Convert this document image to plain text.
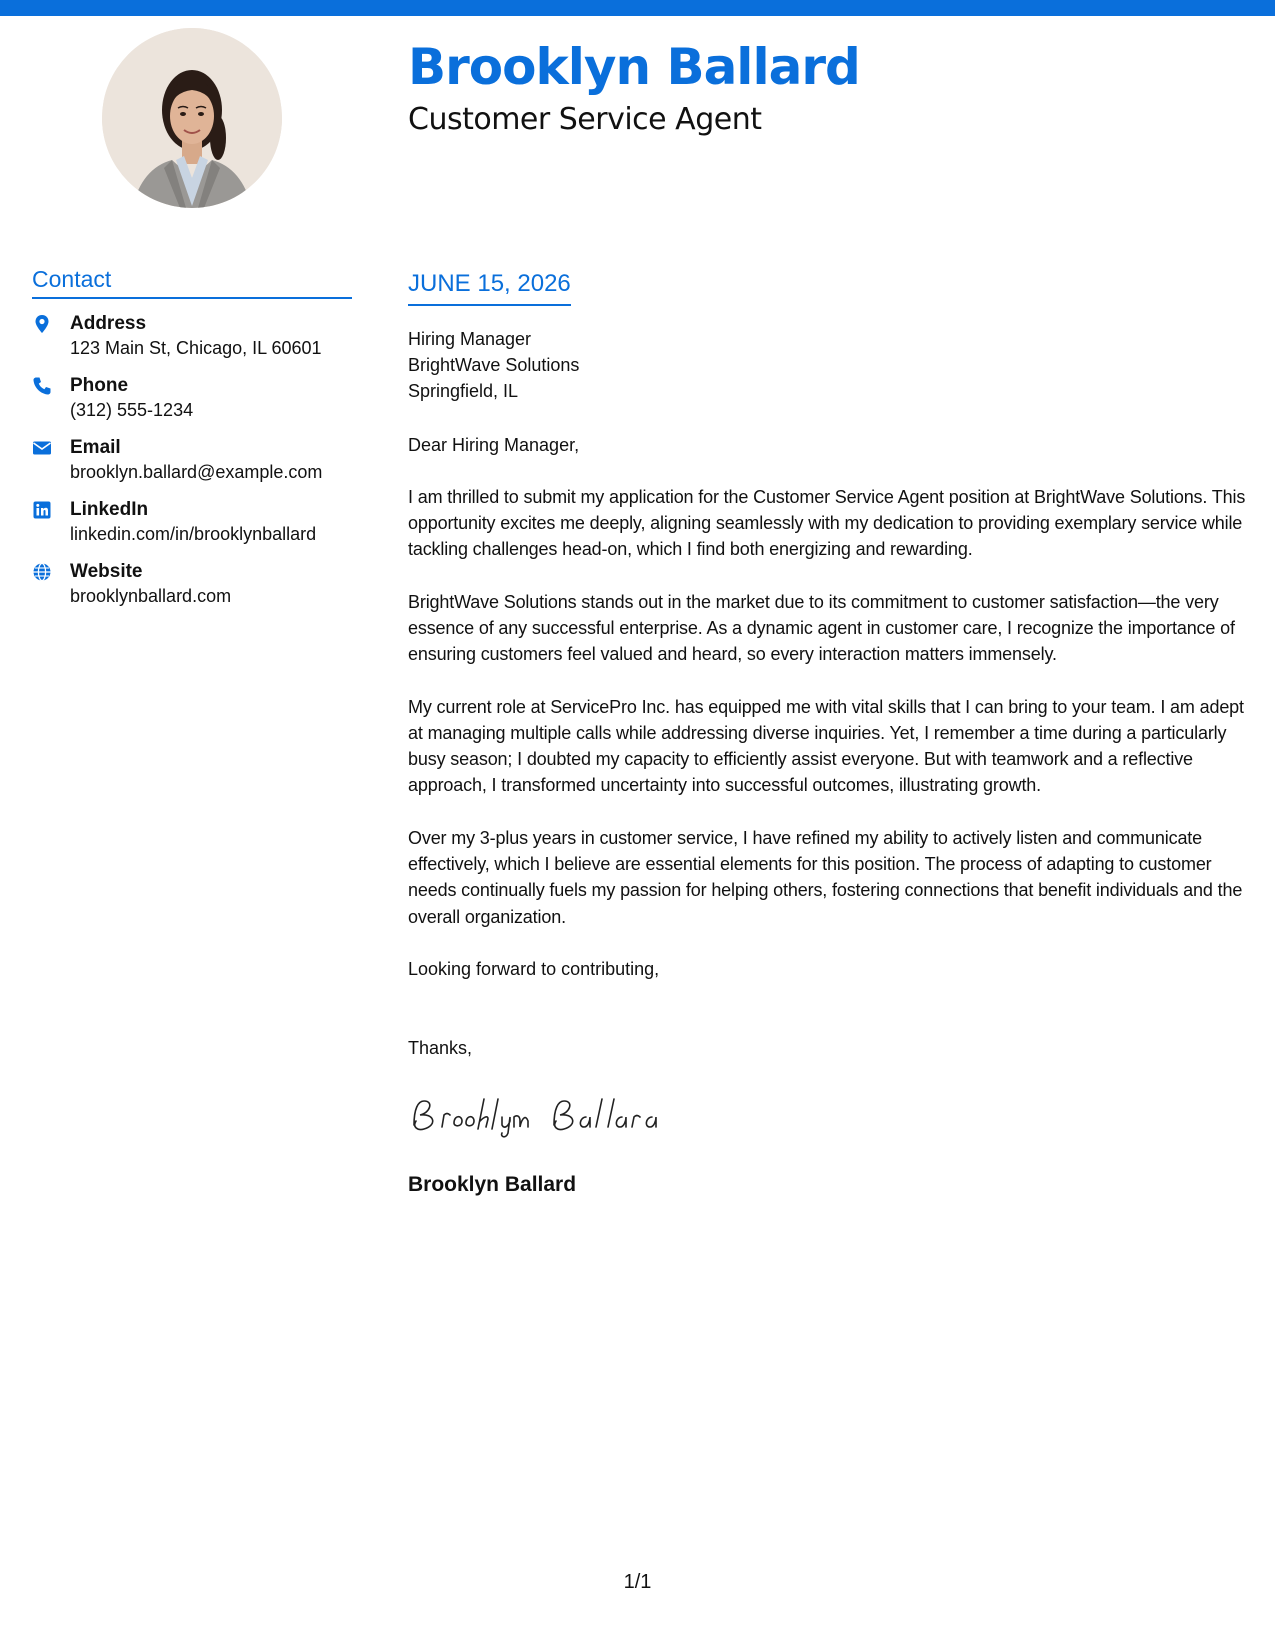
Brooklyn Ballard
Customer Service Agent
Contact
Address
123 Main St, Chicago, IL 60601
Phone
(312) 555-1234
Email
brooklyn.ballard@example.com
LinkedIn
linkedin.com/in/brooklynballard
Website
brooklynballard.com
JUNE 15, 2026
Hiring Manager
BrightWave Solutions
Springfield, IL
Dear Hiring Manager,
I am thrilled to submit my application for the Customer Service Agent position at BrightWave Solutions. This opportunity excites me deeply, aligning seamlessly with my dedication to providing exemplary service while tackling challenges head-on, which I find both energizing and rewarding.
BrightWave Solutions stands out in the market due to its commitment to customer satisfaction—the very essence of any successful enterprise. As a dynamic agent in customer care, I recognize the importance of ensuring customers feel valued and heard, so every interaction matters immensely.
My current role at ServicePro Inc. has equipped me with vital skills that I can bring to your team. I am adept at managing multiple calls while addressing diverse inquiries. Yet, I remember a time during a particularly busy season; I doubted my capacity to efficiently assist everyone. But with teamwork and a reflective approach, I transformed uncertainty into successful outcomes, illustrating growth.
Over my 3-plus years in customer service, I have refined my ability to actively listen and communicate effectively, which I believe are essential elements for this position. The process of adapting to customer needs continually fuels my passion for helping others, fostering connections that benefit individuals and the overall organization.
Looking forward to contributing,
Thanks,
Brooklyn Ballard
1/1
